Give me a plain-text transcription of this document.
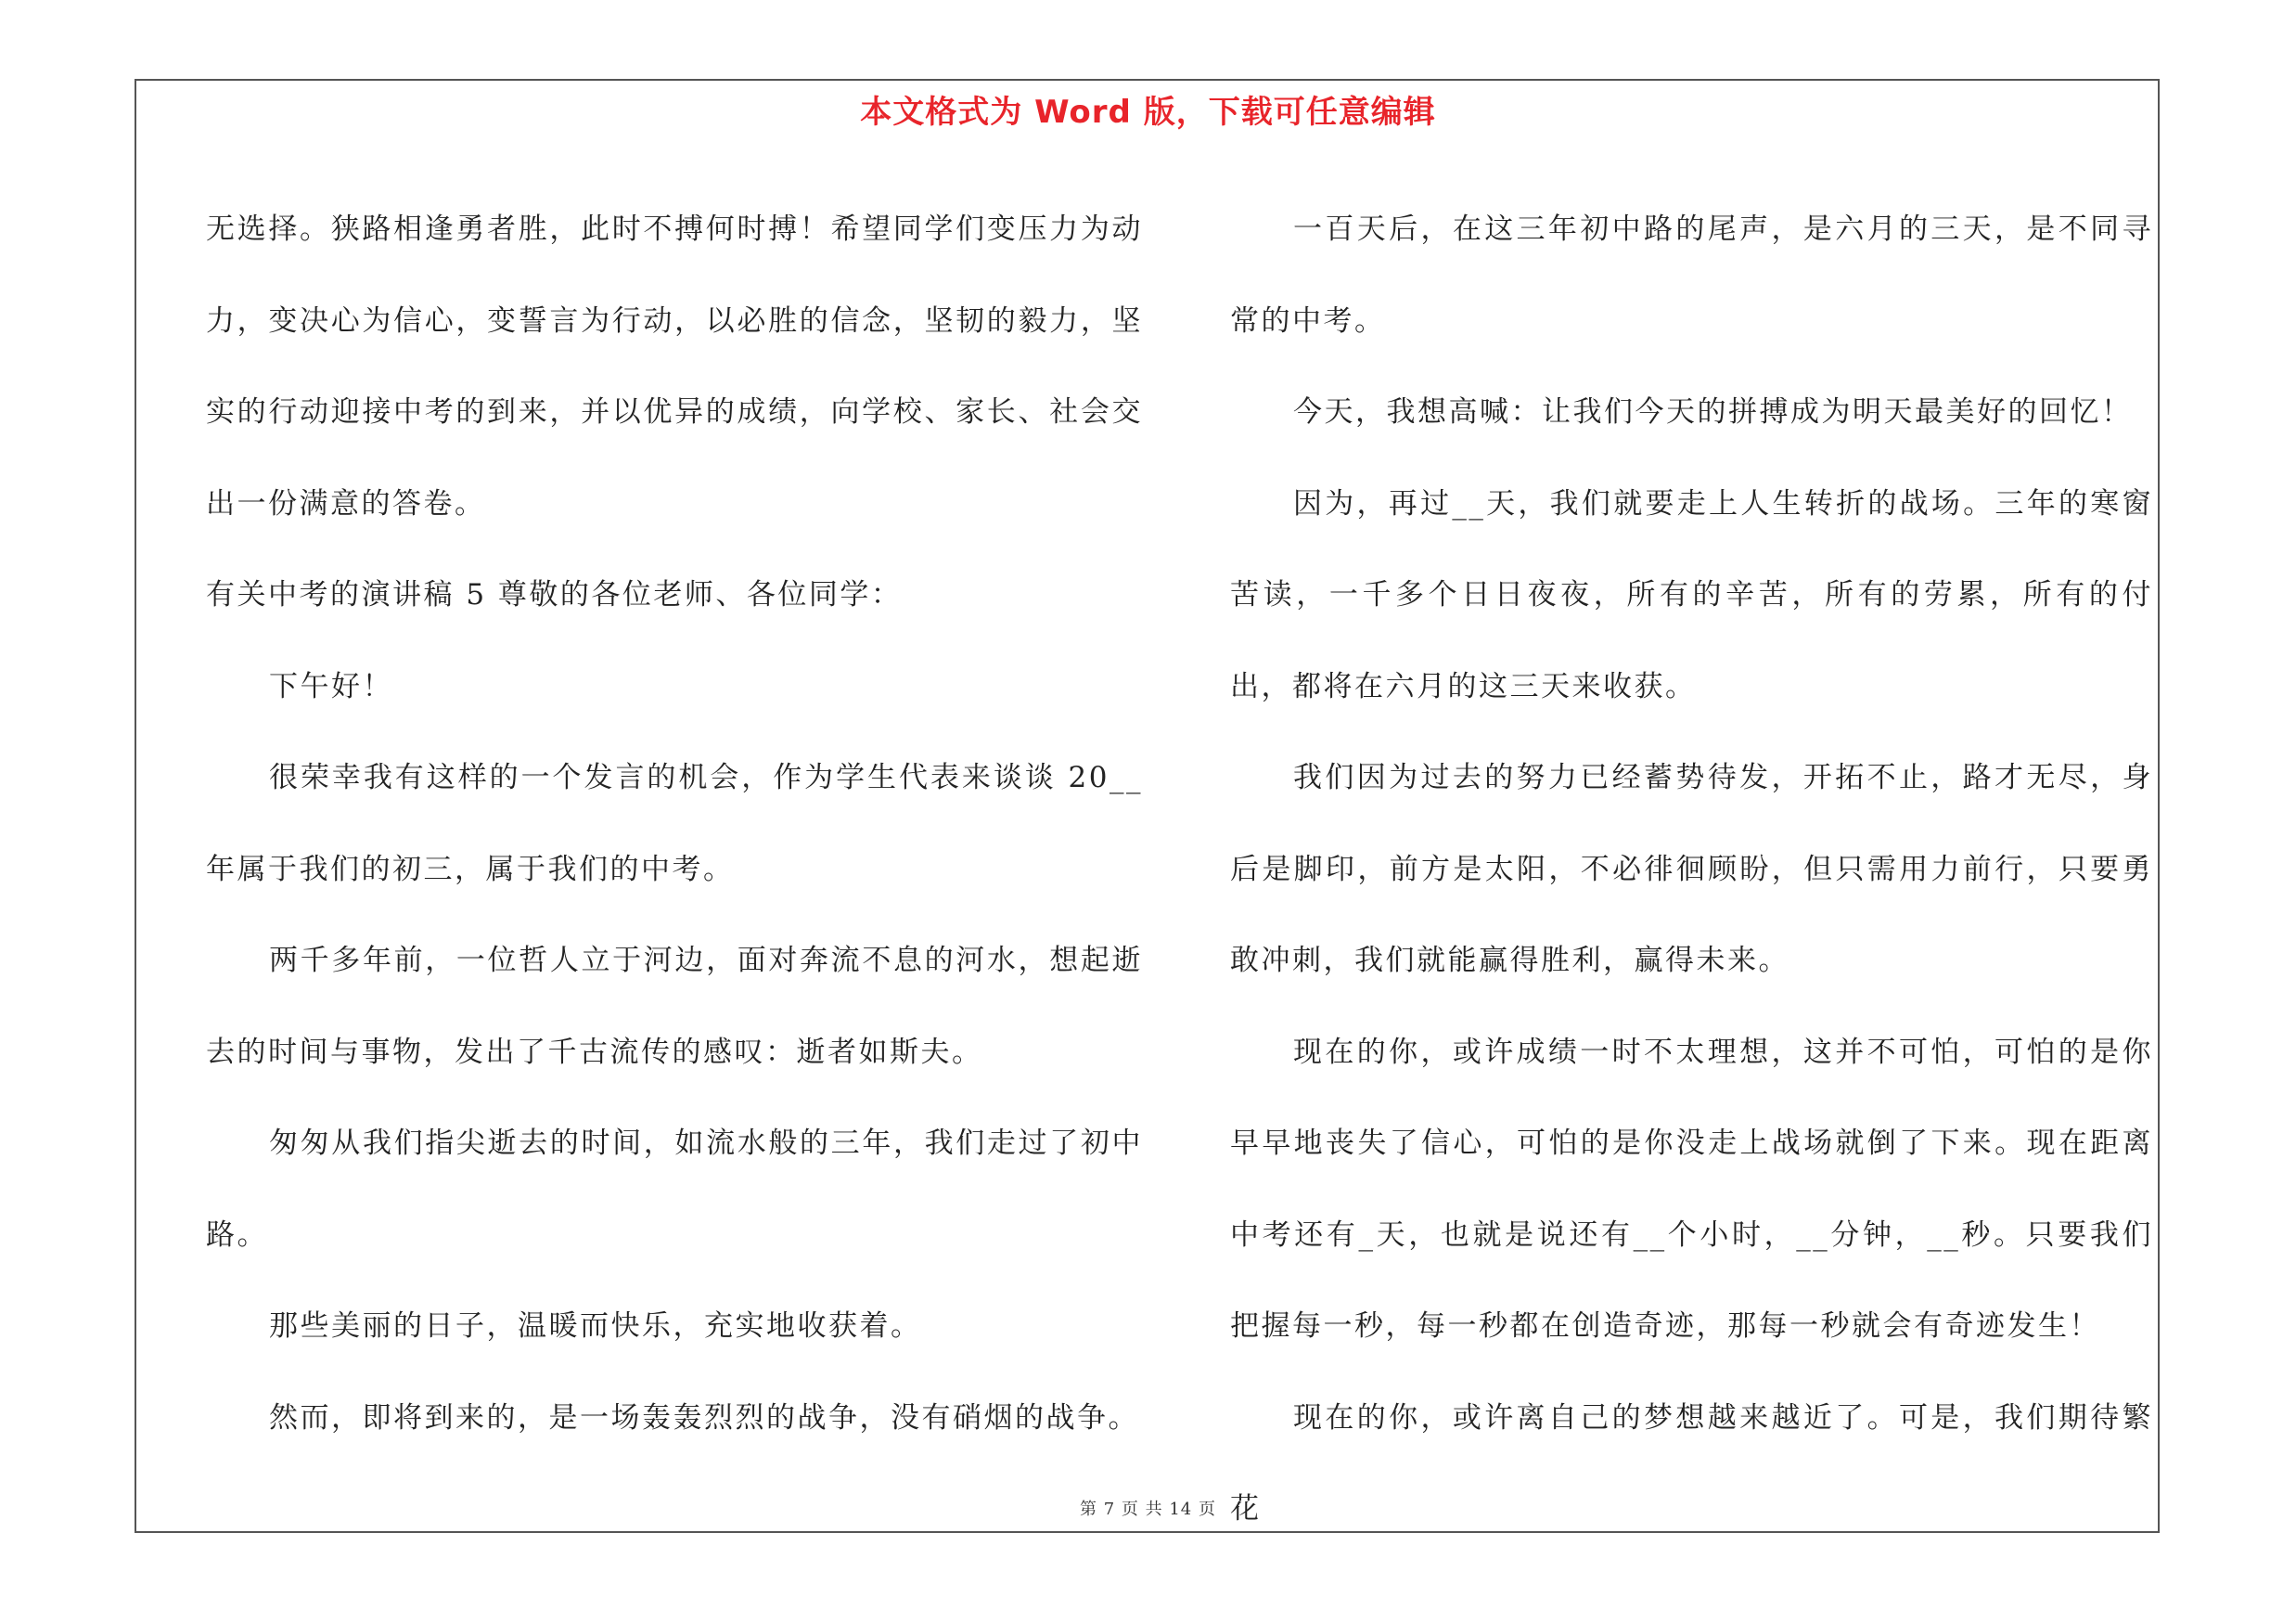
本文格式为 Word 版，下载可任意编辑

无选择。狭路相逢勇者胜，此时不搏何时搏！希望同学们变压力为动力，变决心为信心，变誓言为行动，以必胜的信念，坚韧的毅力，坚实的行动迎接中考的到来，并以优异的成绩，向学校、家长、社会交出一份满意的答卷。

有关中考的演讲稿 5 尊敬的各位老师、各位同学：

下午好！

很荣幸我有这样的一个发言的机会，作为学生代表来谈谈 20__年属于我们的初三，属于我们的中考。

两千多年前，一位哲人立于河边，面对奔流不息的河水，想起逝去的时间与事物，发出了千古流传的感叹：逝者如斯夫。

匆匆从我们指尖逝去的时间，如流水般的三年，我们走过了初中路。

那些美丽的日子，温暖而快乐，充实地收获着。

然而，即将到来的，是一场轰轰烈烈的战争，没有硝烟的战争。

一百天后，在这三年初中路的尾声，是六月的三天，是不同寻常的中考。

今天，我想高喊：让我们今天的拼搏成为明天最美好的回忆！

因为，再过__天，我们就要走上人生转折的战场。三年的寒窗苦读，一千多个日日夜夜，所有的辛苦，所有的劳累，所有的付出，都将在六月的这三天来收获。

我们因为过去的努力已经蓄势待发，开拓不止，路才无尽，身后是脚印，前方是太阳，不必徘徊顾盼，但只需用力前行，只要勇敢冲刺，我们就能赢得胜利，赢得未来。

现在的你，或许成绩一时不太理想，这并不可怕，可怕的是你早早地丧失了信心，可怕的是你没走上战场就倒了下来。现在距离中考还有_天，也就是说还有__个小时，__分钟，__秒。只要我们把握每一秒，每一秒都在创造奇迹，那每一秒就会有奇迹发生！

现在的你，或许离自己的梦想越来越近了。可是，我们期待繁花

第 7 页 共 14 页
